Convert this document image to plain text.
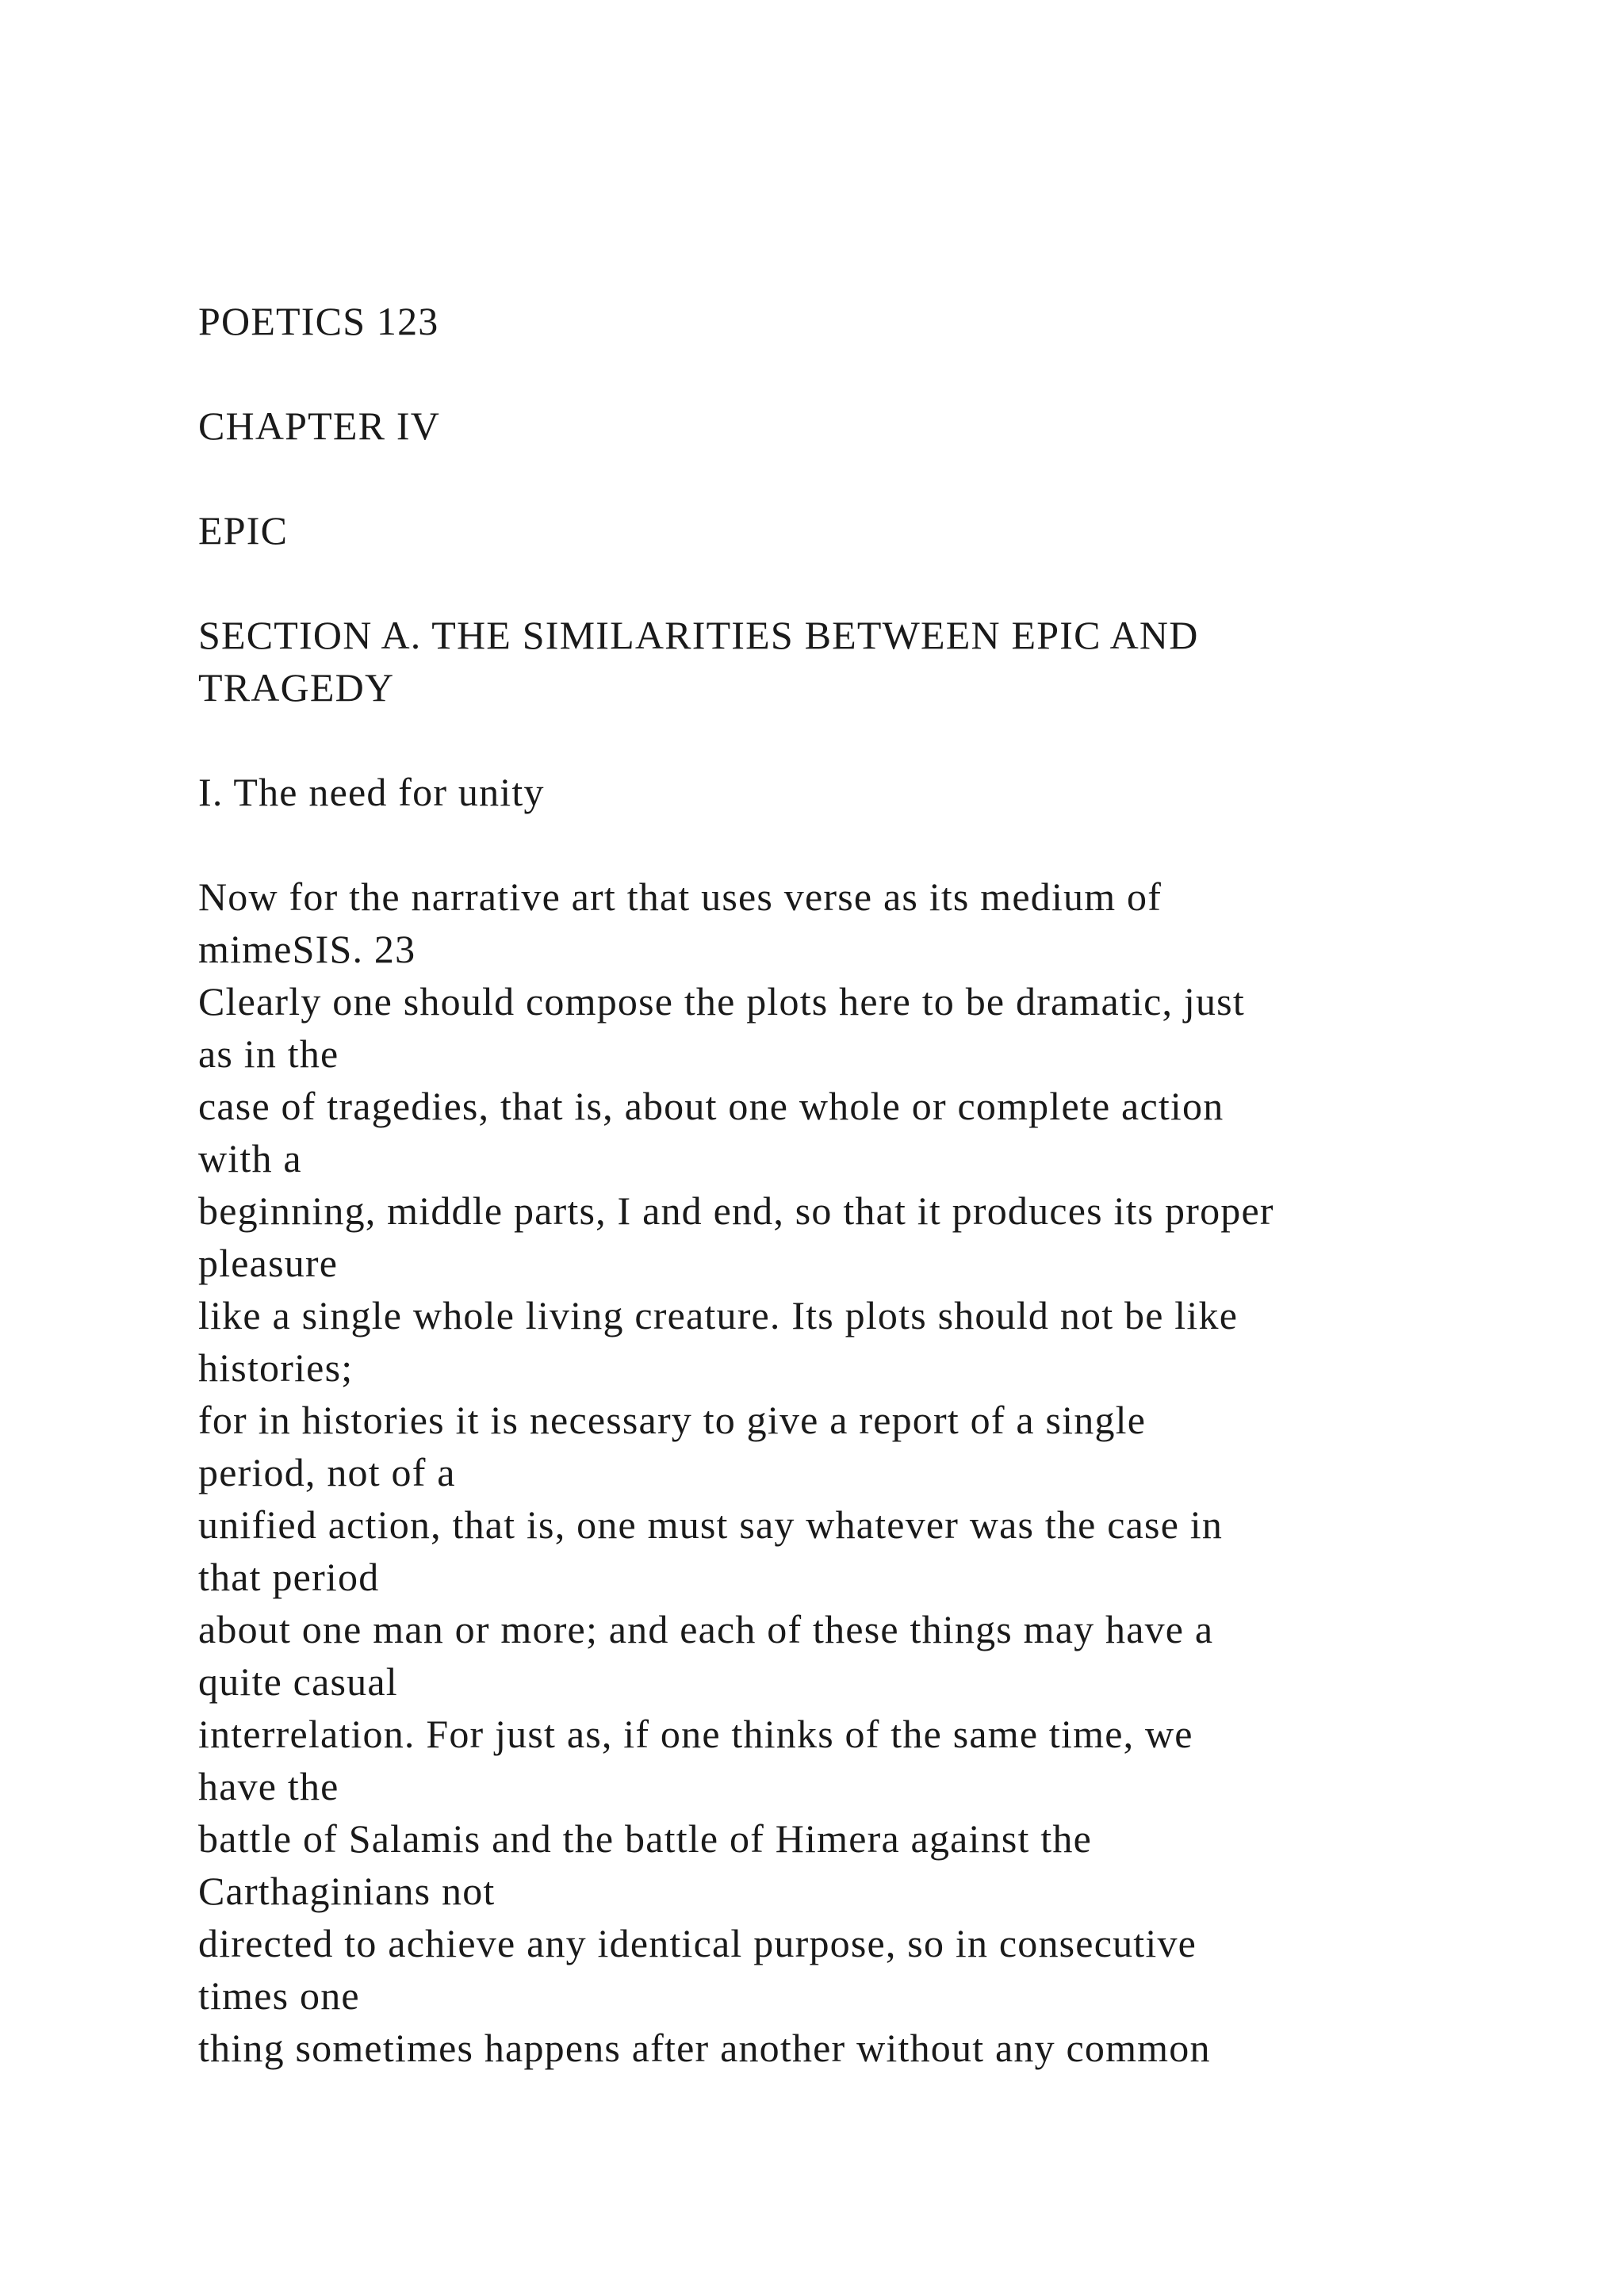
POETICS 123
CHAPTER IV
EPIC
SECTION A. THE SIMILARITIES BETWEEN EPIC AND
TRAGEDY
I. The need for unity
Now for the narrative art that uses verse as its medium of
mimeSIS. 23
Clearly one should compose the plots here to be dramatic, just
as in the
case of tragedies, that is, about one whole or complete action
with a
beginning, middle parts, I and end, so that it produces its proper
pleasure
like a single whole living creature. Its plots should not be like
histories;
for in histories it is necessary to give a report of a single
period, not of a
unified action, that is, one must say whatever was the case in
that period
about one man or more; and each of these things may have a
quite casual
interrelation. For just as, if one thinks of the same time, we
have the
battle of Salamis and the battle of Himera against the
Carthaginians not
directed to achieve any identical purpose, so in consecutive
times one
thing sometimes happens after another without any common
